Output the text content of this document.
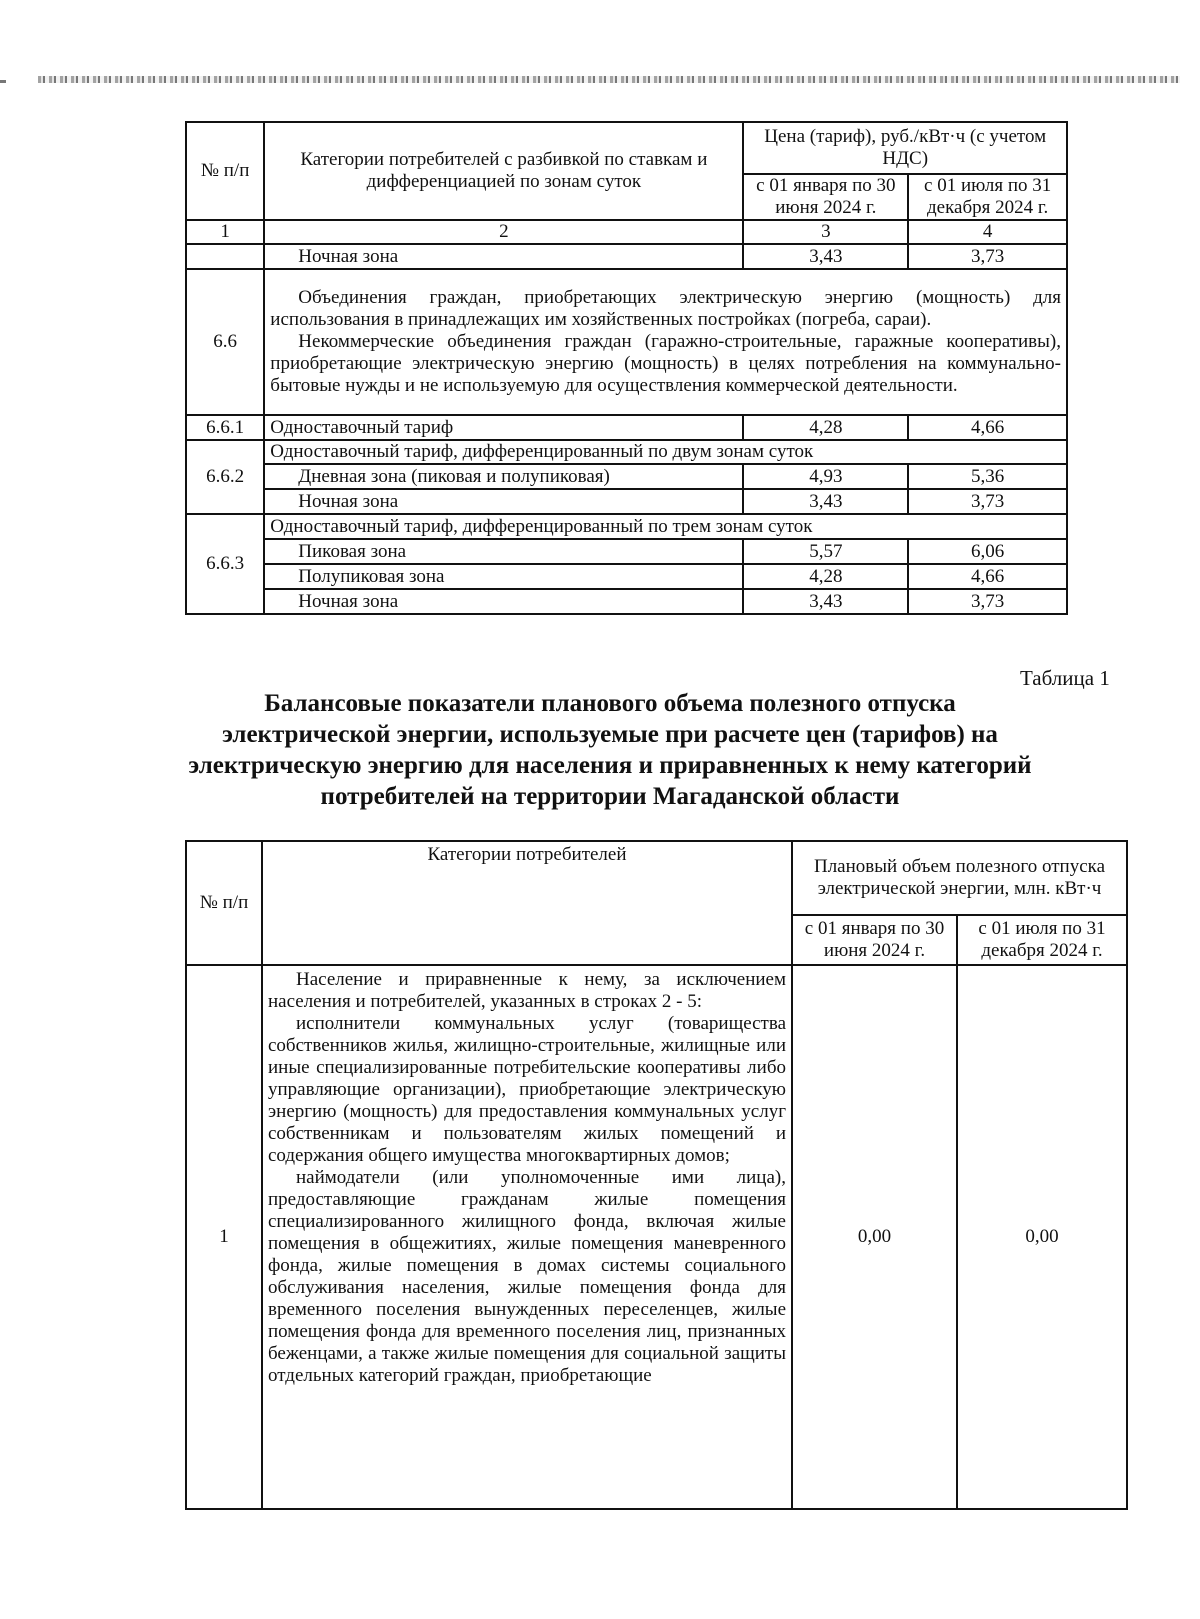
№ п/п	Категории потребителей с разбивкой по ставкам и дифференциацией по зонам суток	Цена (тариф), руб./кВт·ч (с учетом НДС)	
		с 01 января по 30 июня 2024 г.	с 01 июля по 31 декабря 2024 г.
1	2	3	4
	Ночная зона	3,43	3,73
6.6	Объединения граждан, приобретающих электрическую энергию (мощность) для использования в принадлежащих им хозяйственных постройках (погреба, сараи).

Некоммерческие объединения граждан (гаражно-строительные, гаражные кооперативы), приобретающие электрическую энергию (мощность) в целях потребления на коммунально-бытовые нужды и не используемую для осуществления коммерческой деятельности.		

6.6.1	Одноставочный тариф	4,28	4,66
6.6.2	Одноставочный тариф, дифференцированный по двум зонам суток		
	Дневная зона (пиковая и полупиковая)	4,93	5,36
	Ночная зона	3,43	3,73
6.6.3	Одноставочный тариф, дифференцированный по трем зонам суток		
	Пиковая зона	5,57	6,06
	Полупиковая зона	4,28	4,66
	Ночная зона	3,43	3,73
Таблица 1
Балансовые показатели планового объема полезного отпуска
электрической энергии, используемые при расчете цен (тарифов) на
электрическую энергию для населения и приравненных к нему категорий
потребителей на территории Магаданской области
№ п/п	Категории потребителей	Плановый объем полезного отпуска электрической энергии, млн. кВт·ч	
		с 01 января по 30 июня 2024 г.	с 01 июля по 31 декабря 2024 г.
1	Население и приравненные к нему, за исключением населения и потребителей, указанных в строках 2 - 5:

исполнители коммунальных услуг (товарищества собственников жилья, жилищно-строительные, жилищные или иные специализированные потребительские кооперативы либо управляющие организации), приобретающие электрическую энергию (мощность) для предоставления коммунальных услуг собственникам и пользователям жилых помещений и содержания общего имущества многоквартирных домов;

наймодатели (или уполномоченные ими лица), предоставляющие гражданам жилые помещения специализированного жилищного фонда, включая жилые помещения в общежитиях, жилые помещения маневренного фонда, жилые помещения в домах системы социального обслуживания населения, жилые помещения фонда для временного поселения вынужденных переселенцев, жилые помещения фонда для временного поселения лиц, признанных беженцами, а также жилые помещения для социальной защиты отдельных категорий граждан, приобретающие	0,00	0,00
